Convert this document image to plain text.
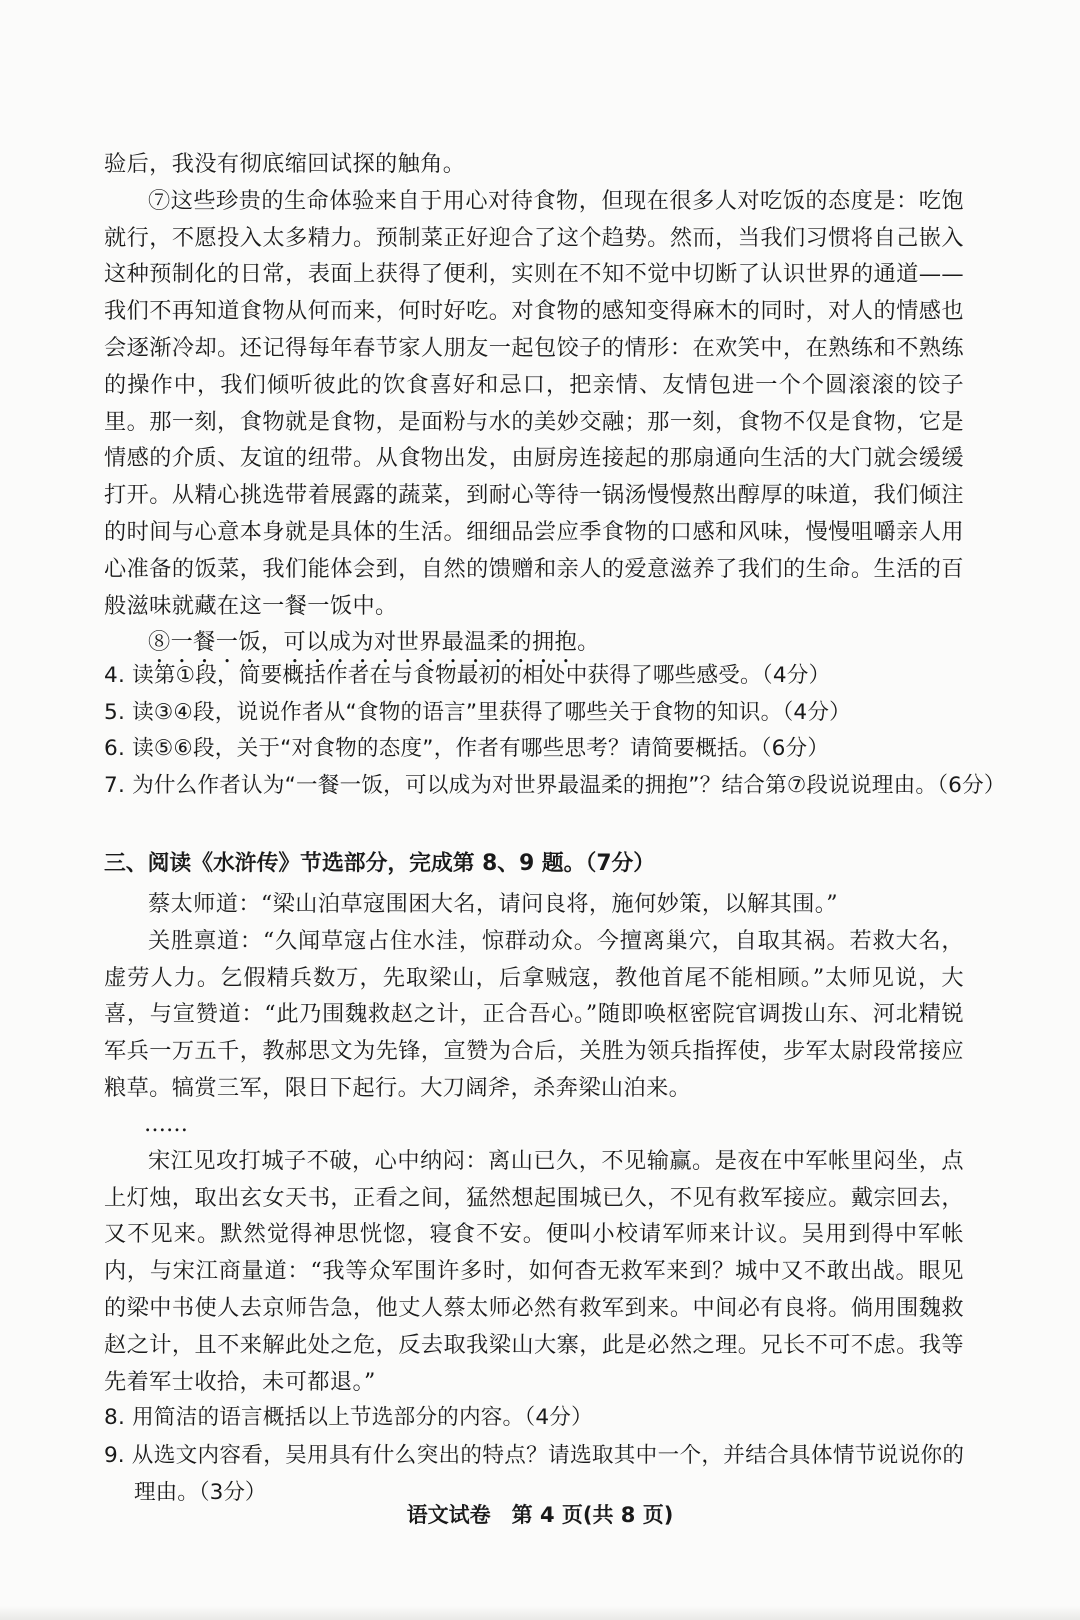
验后，我没有彻底缩回试探的触角。

⑦这些珍贵的生命体验来自于用心对待食物，但现在很多人对吃饭的态度是：吃饱就行，不愿投入太多精力。预制菜正好迎合了这个趋势。然而，当我们习惯将自己嵌入这种预制化的日常，表面上获得了便利，实则在不知不觉中切断了认识世界的通道——我们不再知道食物从何而来，何时好吃。对食物的感知变得麻木的同时，对人的情感也会逐渐冷却。还记得每年春节家人朋友一起包饺子的情形：在欢笑中，在熟练和不熟练的操作中，我们倾听彼此的饮食喜好和忌口，把亲情、友情包进一个个圆滚滚的饺子里。那一刻，食物就是食物，是面粉与水的美妙交融；那一刻，食物不仅是食物，它是情感的介质、友谊的纽带。从食物出发，由厨房连接起的那扇通向生活的大门就会缓缓打开。从精心挑选带着展露的蔬菜，到耐心等待一锅汤慢慢熬出醇厚的味道，我们倾注的时间与心意本身就是具体的生活。细细品尝应季食物的口感和风味，慢慢咀嚼亲人用心准备的饭菜，我们能体会到，自然的馈赠和亲人的爱意滋养了我们的生命。生活的百般滋味就藏在这一餐一饭中。

⑧一餐一饭，可以成为对世界最温柔的拥抱。

4. 读第①段，简要概括作者在与食物最初的相处中获得了哪些感受。（4分）

5. 读③④段，说说作者从“食物的语言”里获得了哪些关于食物的知识。（4分）

6. 读⑤⑥段，关于“对食物的态度”，作者有哪些思考？请简要概括。（6分）

7. 为什么作者认为“一餐一饭，可以成为对世界最温柔的拥抱”？结合第⑦段说说理由。（6分）

三、阅读《水浒传》节选部分，完成第 8、9 题。（7分）

蔡太师道：“梁山泊草寇围困大名，请问良将，施何妙策，以解其围。”

关胜禀道：“久闻草寇占住水洼，惊群动众。今擅离巢穴，自取其祸。若救大名，虚劳人力。乞假精兵数万，先取梁山，后拿贼寇，教他首尾不能相顾。”太师见说，大喜，与宣赞道：“此乃围魏救赵之计，正合吾心。”随即唤枢密院官调拨山东、河北精锐军兵一万五千，教郝思文为先锋，宣赞为合后，关胜为领兵指挥使，步军太尉段常接应粮草。犒赏三军，限日下起行。大刀阔斧，杀奔梁山泊来。

……

宋江见攻打城子不破，心中纳闷：离山已久，不见输赢。是夜在中军帐里闷坐，点上灯烛，取出玄女天书，正看之间，猛然想起围城已久，不见有救军接应。戴宗回去，又不见来。默然觉得神思恍惚，寝食不安。便叫小校请军师来计议。吴用到得中军帐内，与宋江商量道：“我等众军围许多时，如何杳无救军来到？城中又不敢出战。眼见的梁中书使人去京师告急，他丈人蔡太师必然有救军到来。中间必有良将。倘用围魏救赵之计，且不来解此处之危，反去取我梁山大寨，此是必然之理。兄长不可不虑。我等先着军士收拾，未可都退。”

8. 用简洁的语言概括以上节选部分的内容。（4分）

9. 从选文内容看，吴用具有什么突出的特点？请选取其中一个，并结合具体情节说说你的理由。（3分）

语文试卷　第 4 页(共 8 页)
